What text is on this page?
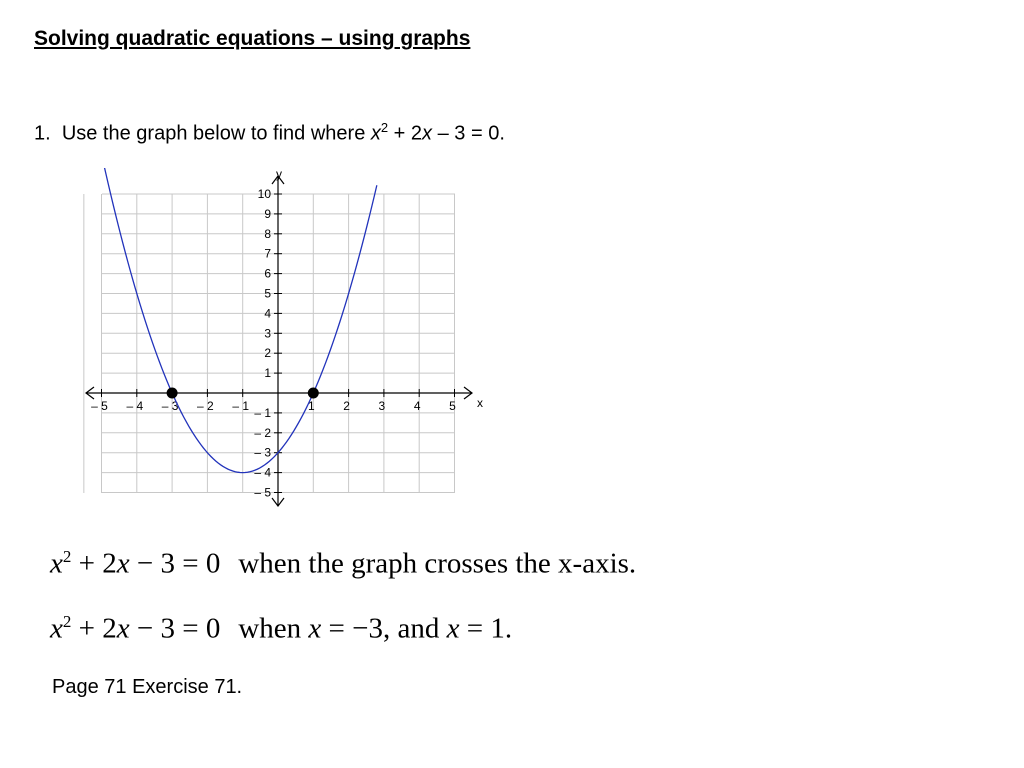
Solving quadratic equations – using graphs
1. Use the graph below to find where $x^2 + 2x - 3 = 0$.
x
y
– 5 – 4 – 3 – 2 – 1	1 2 3 4 5
– 5
– 4
– 3
– 2
– 1
1
2
3
4
5
6
7
8
9
10
$x^2 + 2x - 3 = 0$ when the graph crosses the x-axis.
$x^2 + 2x - 3 = 0$ when x = −3, and x = 1.
Page 71 Exercise 71.
